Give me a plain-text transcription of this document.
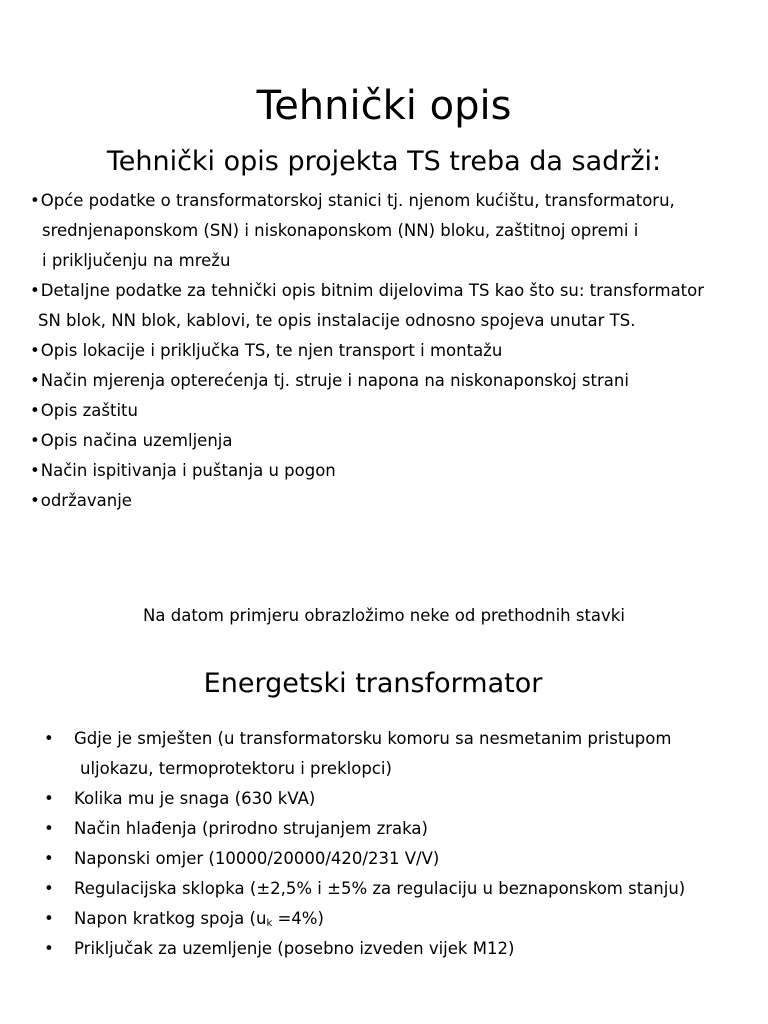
Tehnički opis
Tehnički opis projekta TS treba da sadrži:
•Opće podatke o transformatorskoj stanici tj. njenom kućištu, transformatoru,
srednjenaponskom (SN) i niskonaponskom (NN) bloku, zaštitnoj opremi i
i priključenju na mrežu
•Detaljne podatke za tehnički opis bitnim dijelovima TS kao što su: transformator
SN blok, NN blok, kablovi, te opis instalacije odnosno spojeva unutar TS.
•Opis lokacije i priključka TS, te njen transport i montažu
•Način mjerenja opterećenja tj. struje i napona na niskonaponskoj strani
•Opis zaštitu
•Opis načina uzemljenja
•Način ispitivanja i puštanja u pogon
•održavanje
Na datom primjeru obrazložimo neke od prethodnih stavki
Energetski transformator
• Gdje je smješten (u transformatorsku komoru sa nesmetanim pristupom
uljokazu, termoprotektoru i preklopci)
• Kolika mu je snaga (630 kVA)
• Način hlađenja (prirodno strujanjem zraka)
• Naponski omjer (10000/20000/420/231 V/V)
• Regulacijska sklopka (±2,5% i ±5% za regulaciju u beznaponskom stanju)
• Napon kratkog spoja $(u_k =4\%)$
• Priključak za uzemljenje (posebno izveden vijek M12)
